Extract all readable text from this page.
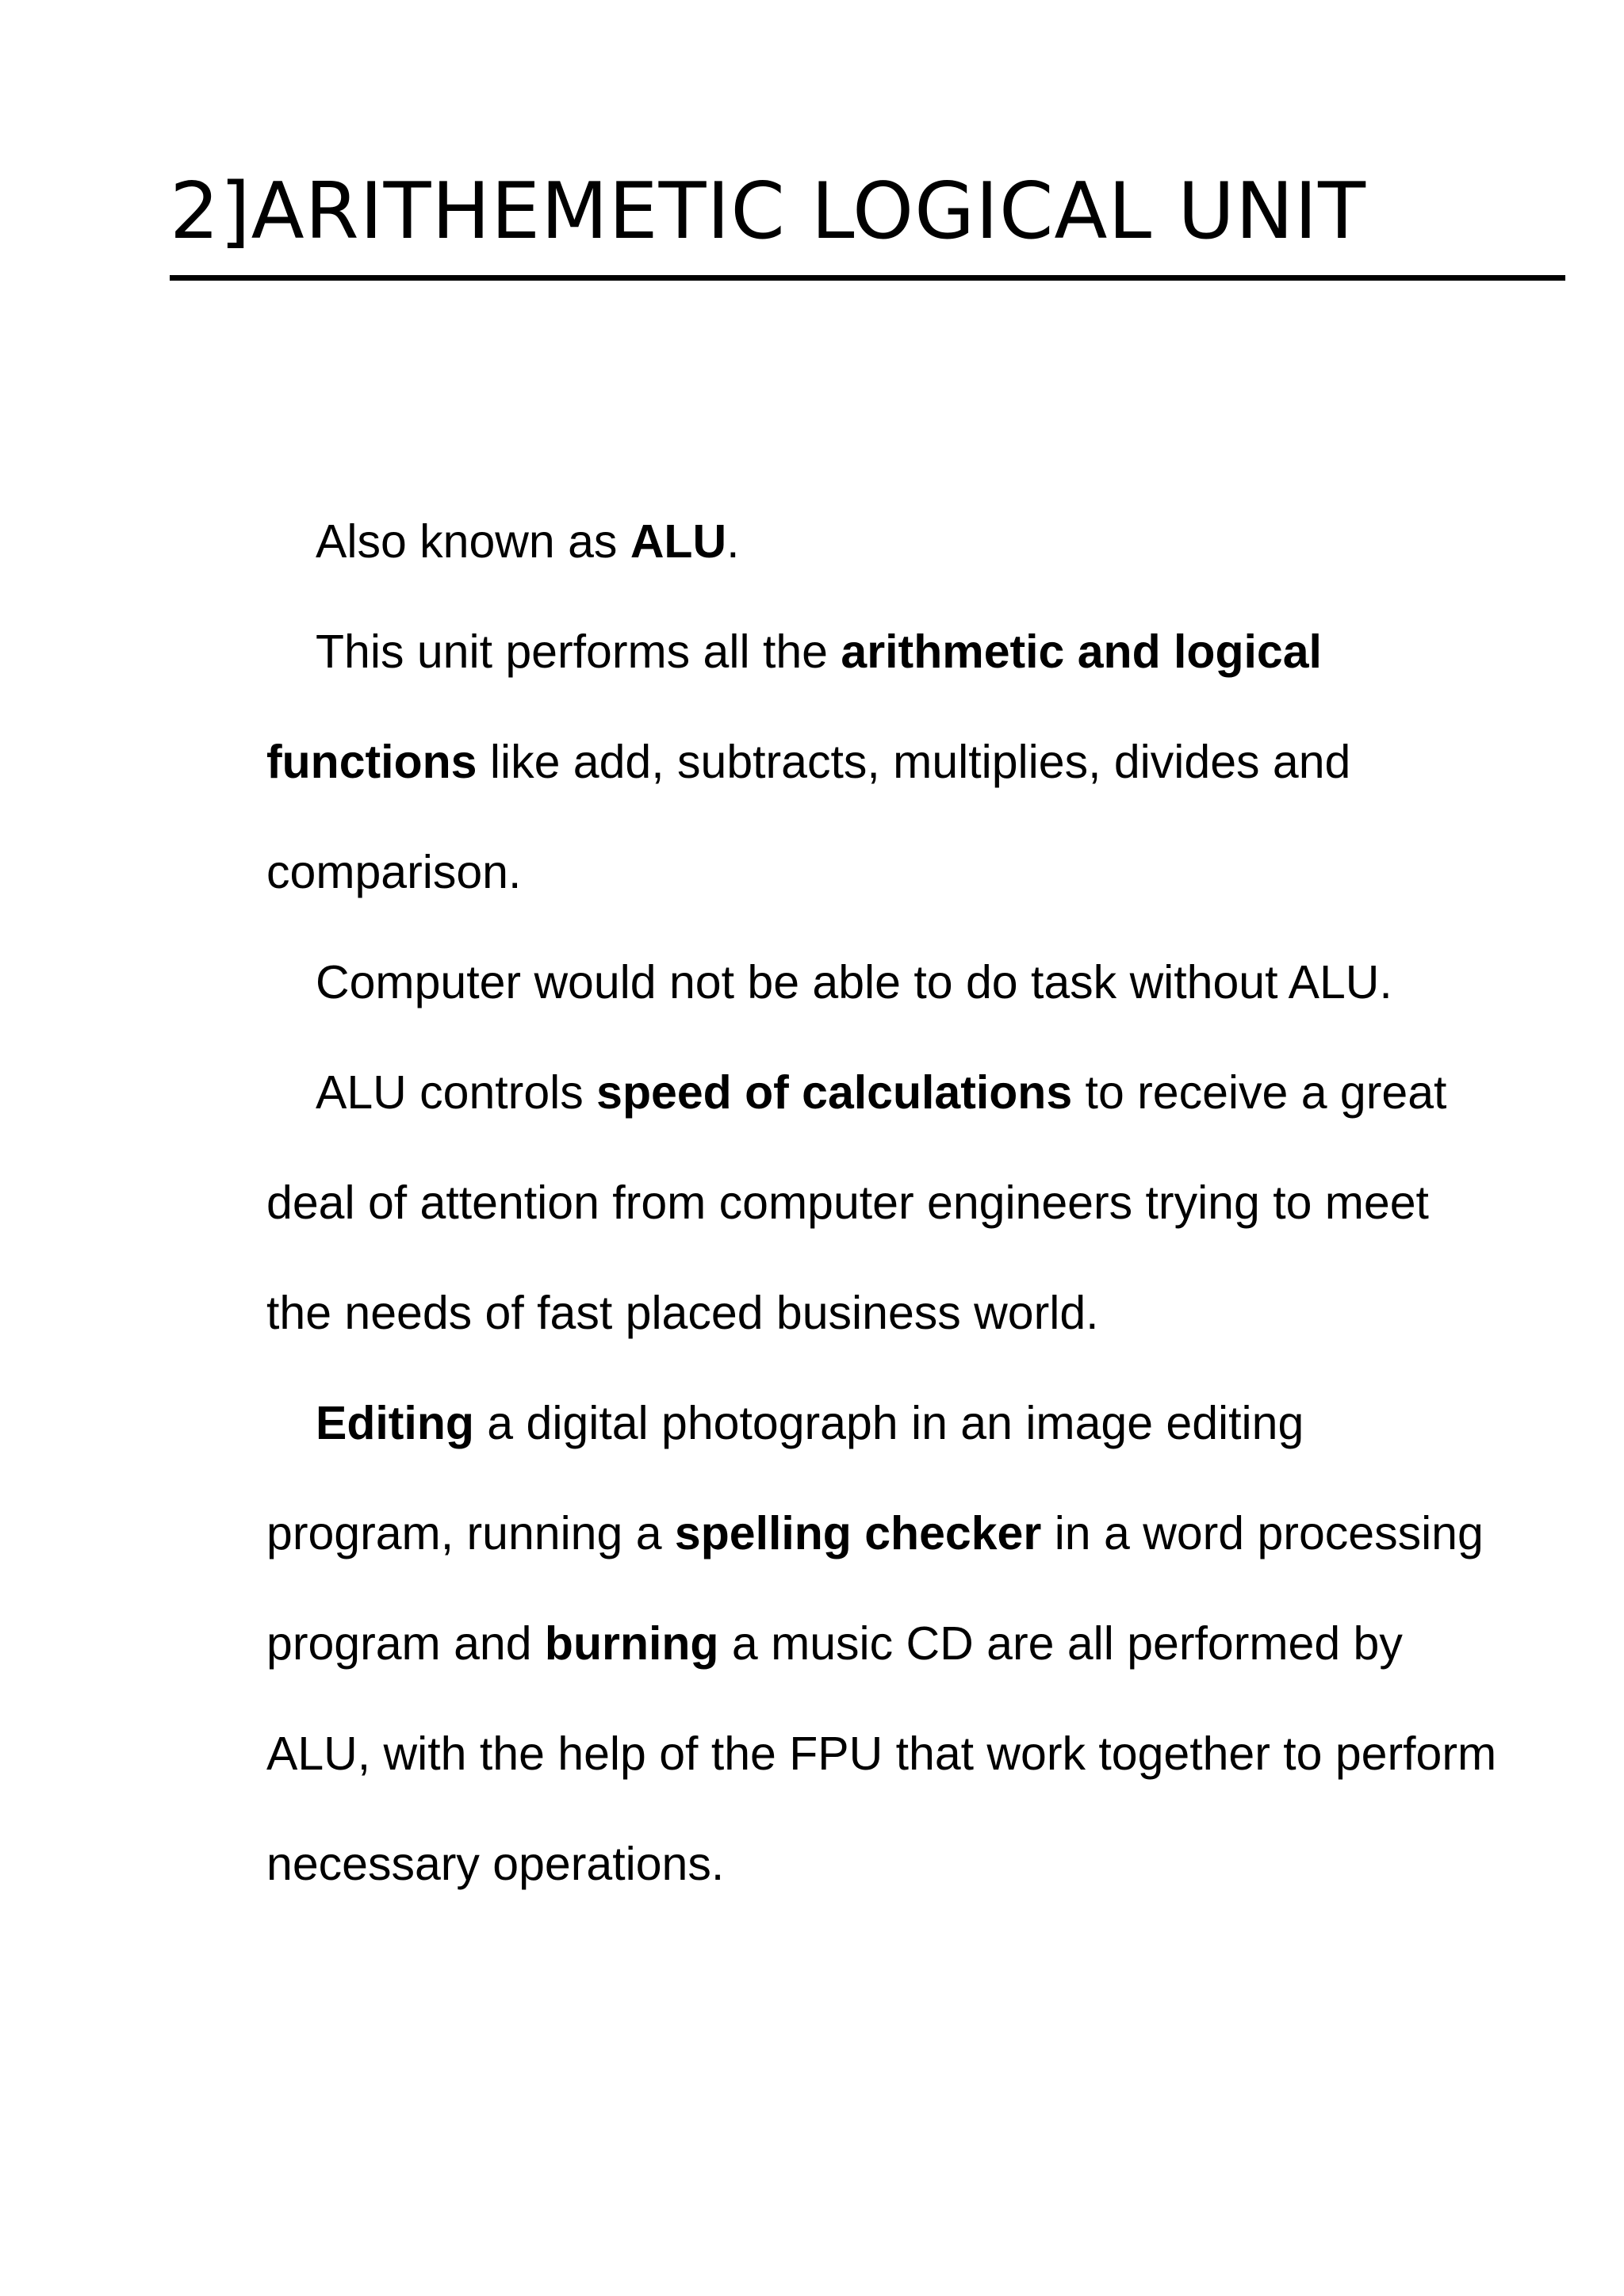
2]ARITHEMETIC LOGICAL UNIT

Also known as ALU.

This unit performs all the arithmetic and logical functions like add, subtracts, multiplies, divides and comparison.

Computer would not be able to do task without ALU.

ALU controls speed of calculations to receive a great deal of attention from computer engineers trying to meet the needs of fast placed business world.

Editing a digital photograph in an image editing program, running a spelling checker in a word processing program and burning a music CD are all performed by ALU, with the help of the FPU that work together to perform necessary operations.
